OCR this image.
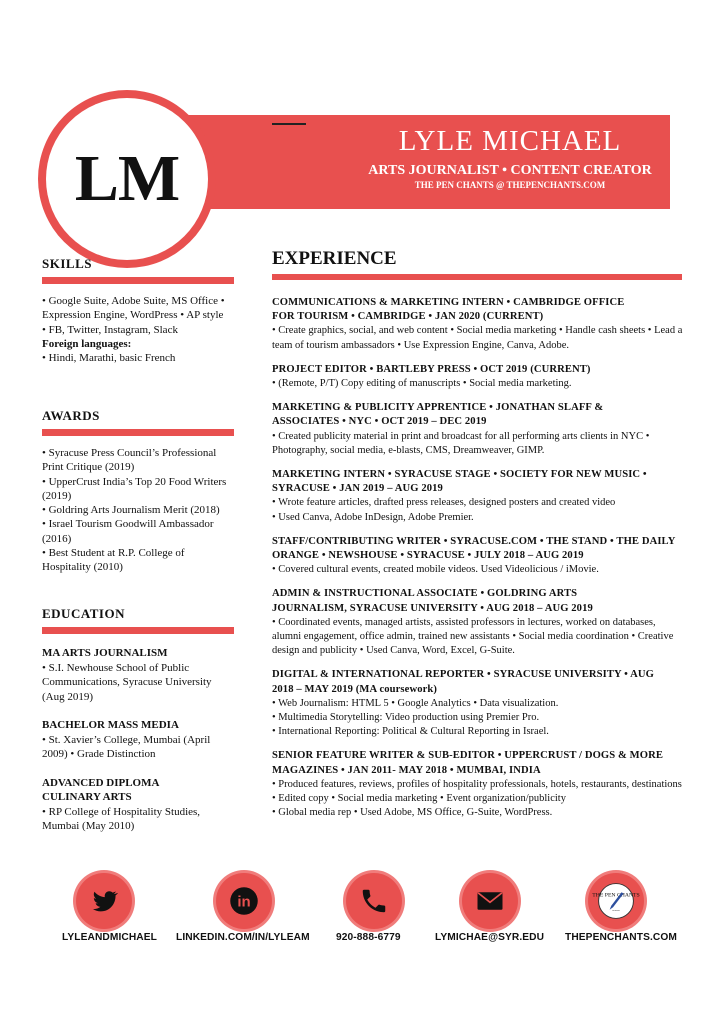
LM
LYLE MICHAEL
ARTS JOURNALIST • CONTENT CREATOR
THE PEN CHANTS @ THEPENCHANTS.COM

SKILLS

• Google Suite, Adobe Suite, MS Office • Expression Engine, WordPress • AP style

• FB, Twitter, Instagram, Slack

Foreign languages:

• Hindi, Marathi, basic French

AWARDS

• Syracuse Press Council’s Professional Print Critique (2019)

• UpperCrust India’s Top 20 Food Writers (2019)

• Goldring Arts Journalism Merit (2018)

• Israel Tourism Goodwill Ambassador (2016)

• Best Student at R.P. College of Hospitality (2010)

EDUCATION

MA ARTS JOURNALISM

• S.I. Newhouse School of Public Communications, Syracuse University (Aug 2019)

BACHELOR MASS MEDIA

• St. Xavier’s College, Mumbai (April 2009) • Grade Distinction

ADVANCED DIPLOMA CULINARY ARTS

• RP College of Hospitality Studies, Mumbai (May 2010)

EXPERIENCE

COMMUNICATIONS & MARKETING INTERN • CAMBRIDGE OFFICE FOR TOURISM • CAMBRIDGE • JAN 2020 (CURRENT)

• Create graphics, social, and web content • Social media marketing • Handle cash sheets • Lead a team of tourism ambassadors • Use Expression Engine, Canva, Adobe.

PROJECT EDITOR • BARTLEBY PRESS • OCT 2019 (CURRENT)

• (Remote, P/T) Copy editing of manuscripts • Social media marketing.

MARKETING & PUBLICITY APPRENTICE • JONATHAN SLAFF & ASSOCIATES • NYC • OCT 2019 – DEC 2019

• Created publicity material in print and broadcast for all performing arts clients in NYC • Photography, social media, e-blasts, CMS, Dreamweaver, GIMP.

MARKETING INTERN • SYRACUSE STAGE • SOCIETY FOR NEW MUSIC • SYRACUSE • JAN 2019 – AUG 2019

• Wrote feature articles, drafted press releases, designed posters and created video
• Used Canva, Adobe InDesign, Adobe Premier.

STAFF/CONTRIBUTING WRITER • SYRACUSE.COM • THE STAND • THE DAILY ORANGE • NEWSHOUSE • SYRACUSE • JULY 2018 – AUG 2019

• Covered cultural events, created mobile videos. Used Videolicious / iMovie.

ADMIN & INSTRUCTIONAL ASSOCIATE • GOLDRING ARTS JOURNALISM, SYRACUSE UNIVERSITY • AUG 2018 – AUG 2019

• Coordinated events, managed artists, assisted professors in lectures, worked on databases, alumni engagement, office admin, trained new assistants • Social media coordination • Creative design and publicity • Used Canva, Word, Excel, G-Suite.

DIGITAL & INTERNATIONAL REPORTER • SYRACUSE UNIVERSITY • AUG 2018 – MAY 2019 (MA coursework)

• Web Journalism: HTML 5 • Google Analytics • Data visualization.
• Multimedia Storytelling: Video production using Premier Pro.
• International Reporting: Political & Cultural Reporting in Israel.

SENIOR FEATURE WRITER & SUB-EDITOR • UPPERCRUST / DOGS & MORE MAGAZINES • JAN 2011- MAY 2018 • MUMBAI, INDIA

• Produced features, reviews, profiles of hospitality professionals, hotels, restaurants, destinations • Edited copy • Social media marketing • Event organization/publicity
• Global media rep • Used Adobe, MS Office, G-Suite, WordPress.

LYLEANDMICHAEL
in
LINKEDIN.COM/IN/LYLEAM	920-888-6779	LYMICHAE@SYR.EDU
THE PEN CHANTS
~~~
THEPENCHANTS.COM
